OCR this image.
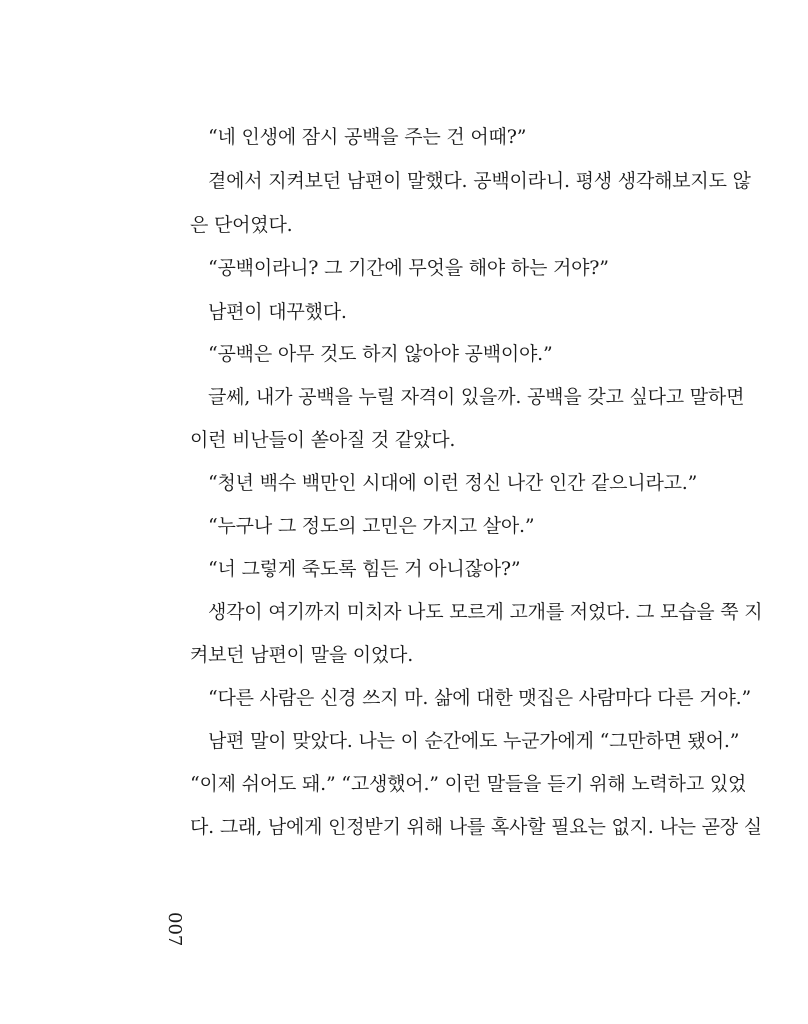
“네 인생에 잠시 공백을 주는 건 어때?”

곁에서 지켜보던 남편이 말했다. 공백이라니. 평생 생각해보지도 않

은 단어였다.

“공백이라니? 그 기간에 무엇을 해야 하는 거야?”

남편이 대꾸했다.

“공백은 아무 것도 하지 않아야 공백이야.”

글쎄, 내가 공백을 누릴 자격이 있을까. 공백을 갖고 싶다고 말하면

이런 비난들이 쏟아질 것 같았다.

“청년 백수 백만인 시대에 이런 정신 나간 인간 같으니라고.”

“누구나 그 정도의 고민은 가지고 살아.”

“너 그렇게 죽도록 힘든 거 아니잖아?”

생각이 여기까지 미치자 나도 모르게 고개를 저었다. 그 모습을 쭉 지

켜보던 남편이 말을 이었다.

“다른 사람은 신경 쓰지 마. 삶에 대한 맷집은 사람마다 다른 거야.”

남편 말이 맞았다. 나는 이 순간에도 누군가에게 “그만하면 됐어.”

“이제 쉬어도 돼.” “고생했어.” 이런 말들을 듣기 위해 노력하고 있었

다. 그래, 남에게 인정받기 위해 나를 혹사할 필요는 없지. 나는 곧장 실

007
